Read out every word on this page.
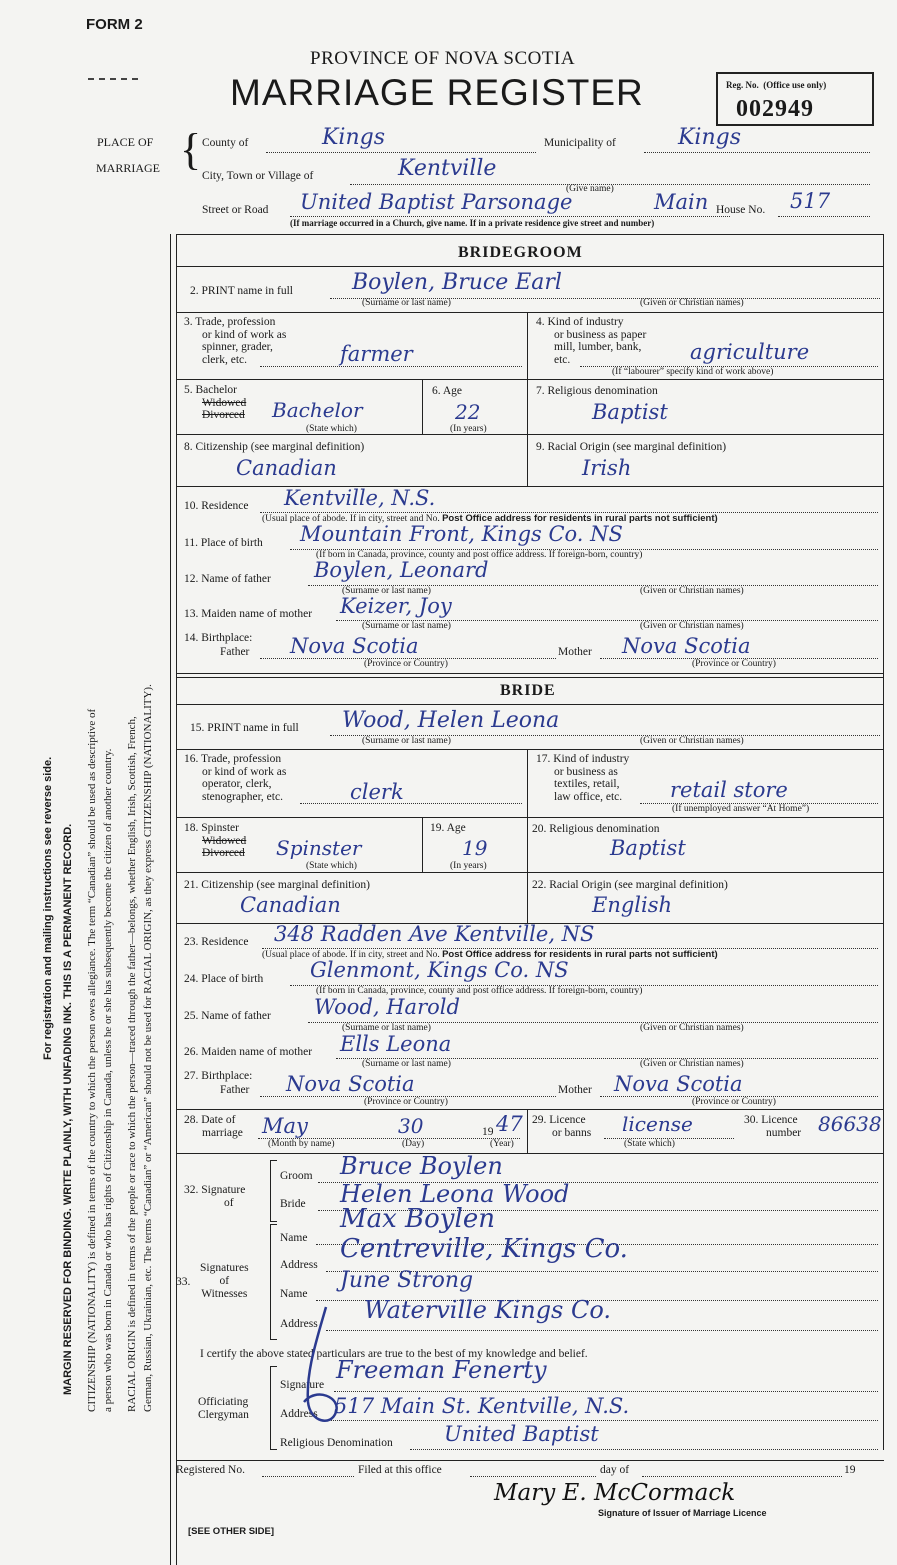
FORM 2
PROVINCE OF NOVA SCOTIA
MARRIAGE REGISTER	Reg. No. (Office use only)
002949
PLACE OF
MARRIAGE { County of	Kings	Municipality of	Kings
City, Town or Village of	Kentville
(Give name)
Street or Road United Baptist Parsonage	Main House No. 517
(If marriage occurred in a Church, give name. If in a private residence give street and number)
For registration and mailing instructions see reverse side. MARGIN RESERVED FOR BINDING. WRITE PLAINLY, WITH UNFADING INK. THIS IS A PERMANENT RECORD. CITIZENSHIP (NATIONALITY) is defined in terms of the country to which the person owes allegiance. The term “Canadian” should be used as descriptive of a person who was born in Canada or who has rights of Citizenship in Canada, unless he or she has subsequently become the citizen of another country. RACIAL ORIGIN is defined in terms of the people or race to which the person—traced through the father—belongs, whether English, Irish, Scottish, French, German, Russian, Ukrainian, etc. The terms “Canadian” or “American” should not be used for RACIAL ORIGIN, as they express CITIZENSHIP (NATIONALITY).
BRIDEGROOM
2. PRINT name in full	Boylen, Bruce Earl
(Surname or last name)	(Given or Christian names)
3. Trade, profession
or kind of work as
spinner, grader,
clerk, etc.	farmer
4. Kind of industry
or business as paper
mill, lumber, bank,
etc.	agriculture
(If “labourer” specify kind of work above)
5. Bachelor
Widowed
Divorced Bachelor
(State which)
6. Age
22
(In years)
7. Religious denomination
Baptist
8. Citizenship (see marginal definition)
Canadian
9. Racial Origin (see marginal definition)
Irish
10. Residence Kentville, N.S.
(Usual place of abode. If in city, street and No. Post Office address for residents in rural parts not sufficient)
11. Place of birth Mountain Front, Kings Co. NS
(If born in Canada, province, county and post office address. If foreign-born, country)
12. Name of father Boylen, Leonard
(Surname or last name)	(Given or Christian names)
13. Maiden name of mother Keizer, Joy
(Surname or last name)	(Given or Christian names)
14. Birthplace:
Father Nova Scotia	Mother Nova Scotia
(Province or Country)	(Province or Country)
BRIDE
15. PRINT name in full Wood, Helen Leona
(Surname or last name)	(Given or Christian names)
16. Trade, profession
or kind of work as
operator, clerk,
stenographer, etc.	clerk
17. Kind of industry
or business as
textiles, retail,
law office, etc.	retail store
(If unemployed answer “At Home”)
18. Spinster
Widowed
Divorced Spinster
(State which)
19. Age
19
(In years)
20. Religious denomination
Baptist
21. Citizenship (see marginal definition)
Canadian
22. Racial Origin (see marginal definition)
English
23. Residence 348 Radden Ave Kentville, NS
(Usual place of abode. If in city, street and No. Post Office address for residents in rural parts not sufficient)
24. Place of birth Glenmont, Kings Co. NS
(If born in Canada, province, county and post office address. If foreign-born, country)
25. Name of father Wood, Harold
(Surname or last name)	(Given or Christian names)
26. Maiden name of mother Ells Leona
(Surname or last name)	(Given or Christian names)
27. Birthplace:
Father Nova Scotia	Mother Nova Scotia
(Province or Country)	(Province or Country)
28. Date of
marriage May	30	19 47
(Month by name)	(Day)	(Year)
29. Licence
or banns license
(State which)
30. Licence
number 86638
32. Signature
of
Groom Bruce Boylen
Bride Helen Leona Wood
Signatures
of
Witnesses
33.
Name
Max Boylen
Address
Centreville, Kings Co.
Name
June Strong
Address Waterville Kings Co.
I certify the above stated particulars are true to the best of my knowledge and belief.
Officiating
Clergyman
Signature
Freeman Fenerty
Address 517 Main St. Kentville, N.S.
Religious Denomination United Baptist
Registered No.	Filed at this office	day of	19
Mary E. McCormack
Signature of Issuer of Marriage Licence
[SEE OTHER SIDE]
